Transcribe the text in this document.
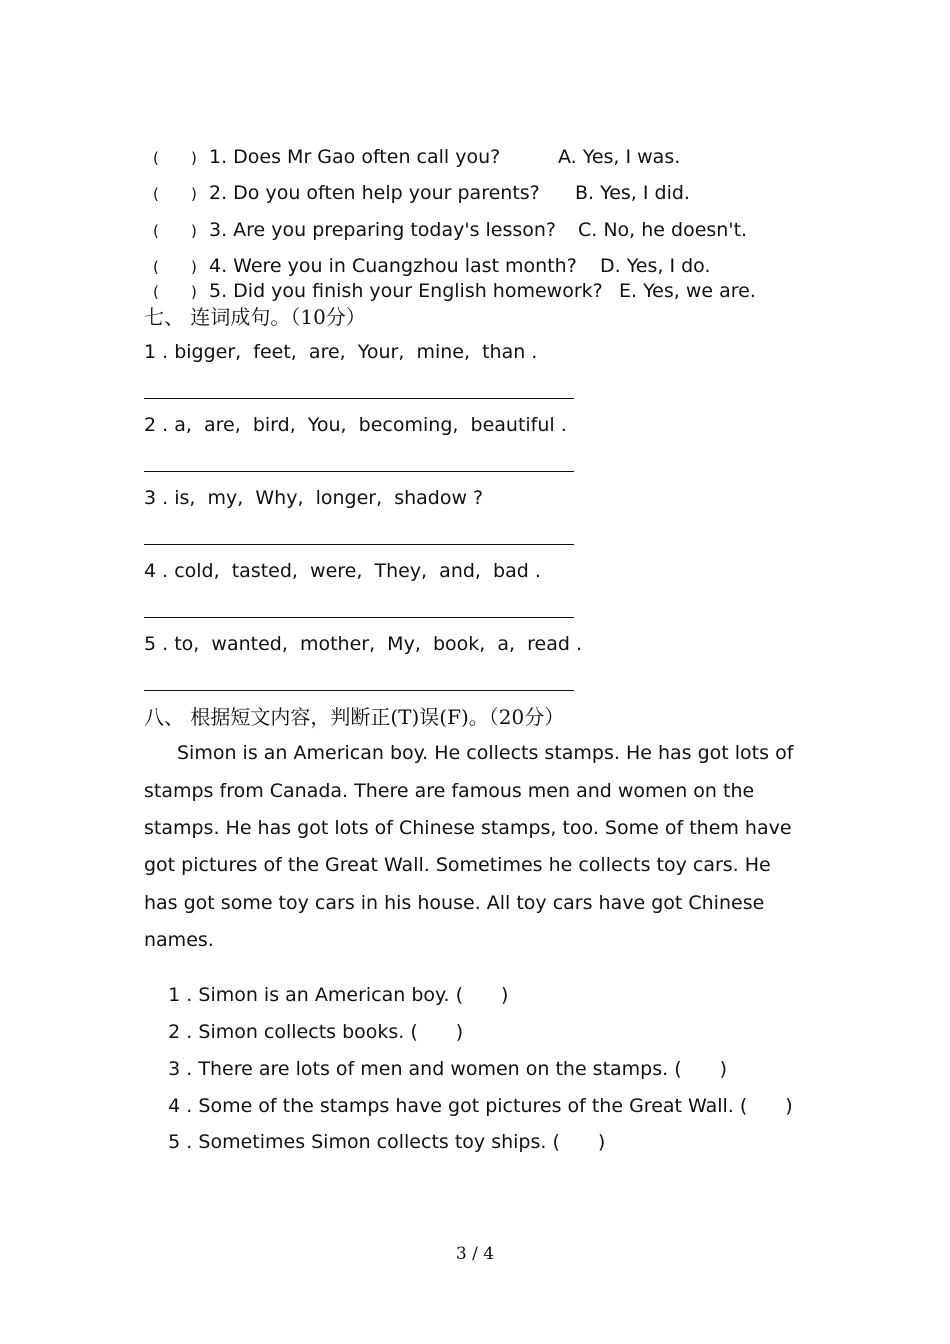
( ) 1. Does Mr Gao often call you?	A. Yes, I was.
( ) 2. Do you often help your parents? B. Yes, I did.
( ) 3. Are you preparing today's lesson? C. No, he doesn't.
( ) 4. Were you in Cuangzhou last month? D. Yes, I do.
( ) 5. Did you finish your English homework? E. Yes, we are.
七、 连词成句。（10分）
1 . bigger,  feet,  are,  Your,  mine,  than .
2 . a,  are,  bird,  You,  becoming,  beautiful .
3 . is,  my,  Why,  longer,  shadow ?
4 . cold,  tasted,  were,  They,  and,  bad .
5 . to,  wanted,  mother,  My,  book,  a,  read .
八、 根据短文内容，判断正(T)误(F)。（20分）
Simon is an American boy. He collects stamps. He has got lots of
stamps from Canada. There are famous men and women on the
stamps. He has got lots of Chinese stamps, too. Some of them have
got pictures of the Great Wall. Sometimes he collects toy cars. He
has got some toy cars in his house. All toy cars have got Chinese
names.

1 . Simon is an American boy. ( )

2 . Simon collects books. ( )

3 . There are lots of men and women on the stamps. ( )

4 . Some of the stamps have got pictures of the Great Wall. ( )

5 . Sometimes Simon collects toy ships. ( )

3 / 4
